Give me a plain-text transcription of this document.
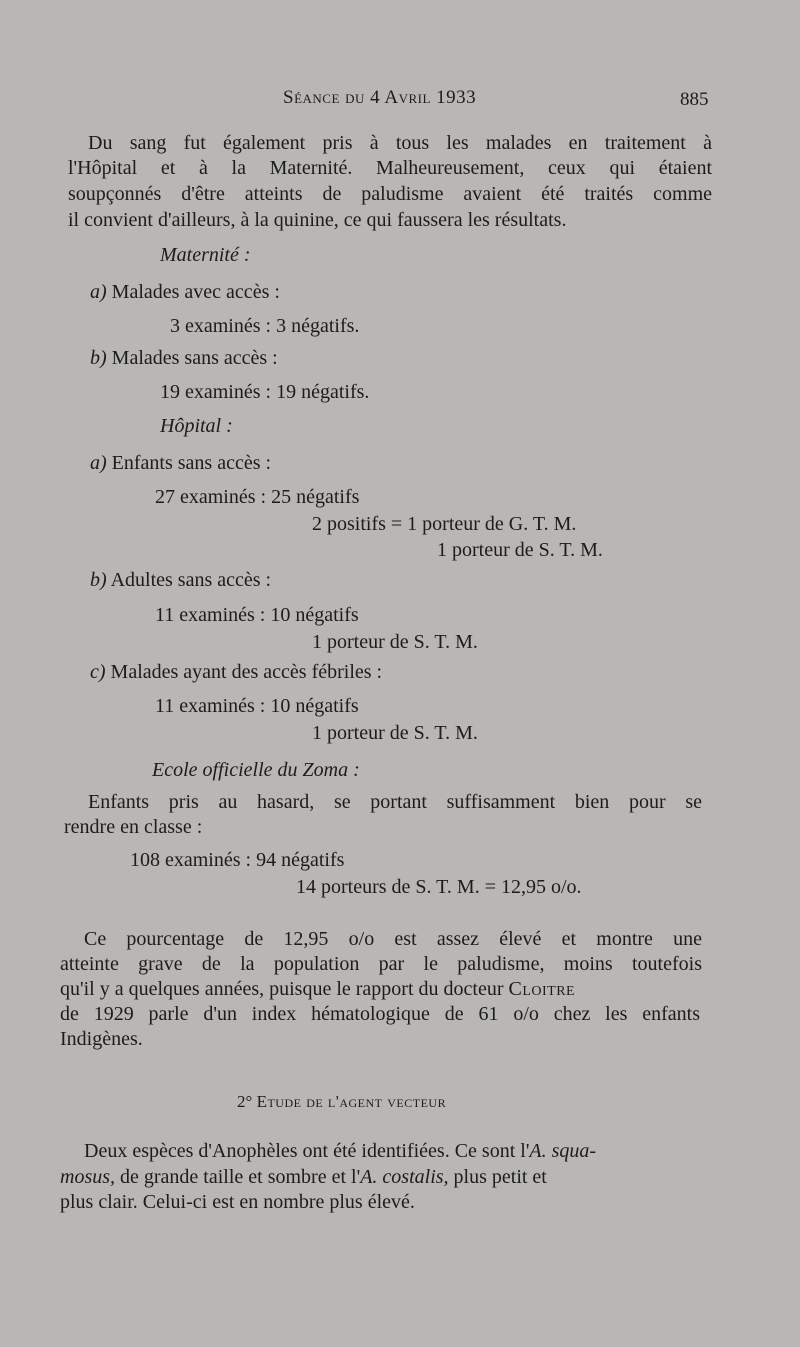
Séance du 4 Avril 1933	885
Du sang fut également pris à tous les malades en traitement à
l'Hôpital et à la Maternité. Malheureusement, ceux qui étaient
soupçonnés d'être atteints de paludisme avaient été traités comme
il convient d'ailleurs, à la quinine, ce qui faussera les résultats.
Maternité :
a) Malades avec accès :
3 examinés : 3 négatifs.
b) Malades sans accès :
19 examinés : 19 négatifs.
Hôpital :
a) Enfants sans accès :
27 examinés : 25 négatifs
2 positifs = 1 porteur de G. T. M.
1 porteur de S. T. M.
b) Adultes sans accès :
11 examinés : 10 négatifs
1 porteur de S. T. M.
c) Malades ayant des accès fébriles :
11 examinés : 10 négatifs
1 porteur de S. T. M.
Ecole officielle du Zoma :
Enfants pris au hasard, se portant suffisamment bien pour se
rendre en classe :
108 examinés : 94 négatifs
14 porteurs de S. T. M. = 12,95 o/o.
Ce pourcentage de 12,95 o/o est assez élevé et montre une
atteinte grave de la population par le paludisme, moins toutefois
qu'il y a quelques années, puisque le rapport du docteur Cloitre
de 1929 parle d'un index hématologique de 61 o/o chez les enfants
Indigènes.
2° Etude de l'agent vecteur
Deux espèces d'Anophèles ont été identifiées. Ce sont l'A. squa-
mosus, de grande taille et sombre et l'A. costalis, plus petit et
plus clair. Celui-ci est en nombre plus élevé.
